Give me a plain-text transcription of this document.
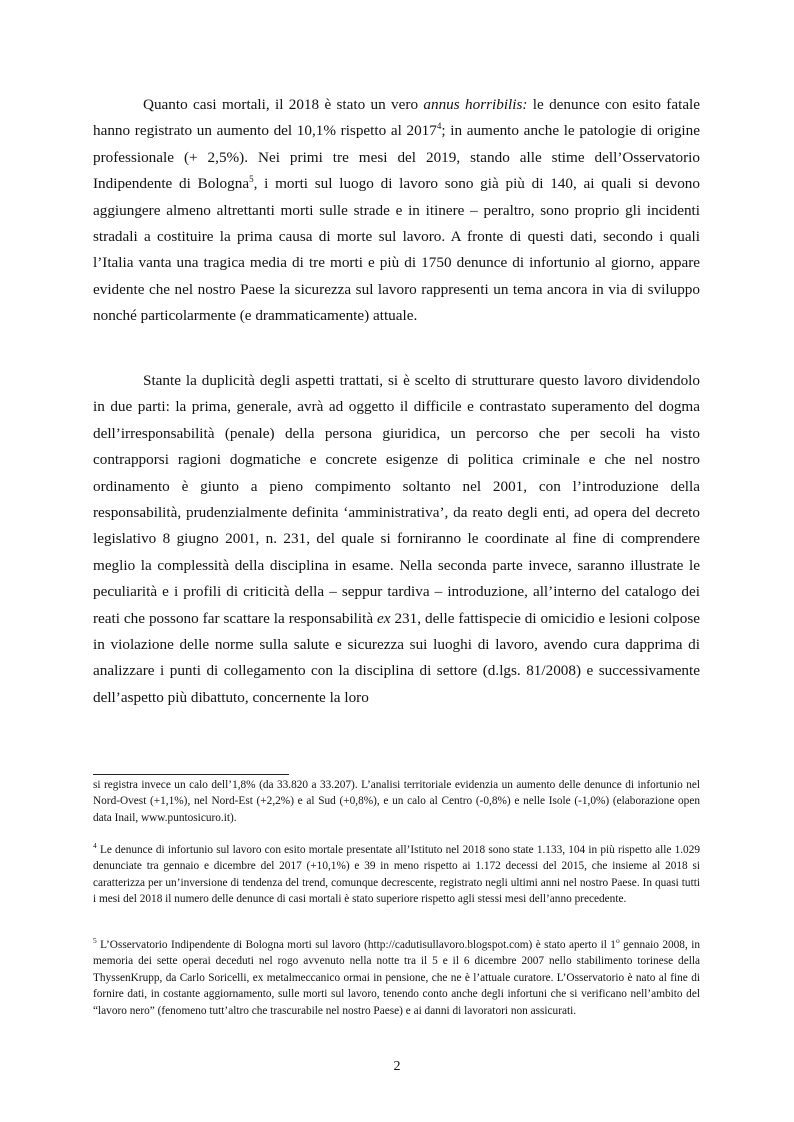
Quanto casi mortali, il 2018 è stato un vero annus horribilis: le denunce con esito fatale hanno registrato un aumento del 10,1% rispetto al 2017$^4$; in aumento anche le patologie di origine professionale (+ 2,5%). Nei primi tre mesi del 2019, stando alle stime dell’Osservatorio Indipendente di Bologna$^5$, i morti sul luogo di lavoro sono già più di 140, ai quali si devono aggiungere almeno altrettanti morti sulle strade e in itinere – peraltro, sono proprio gli incidenti stradali a costituire la prima causa di morte sul lavoro. A fronte di questi dati, secondo i quali l’Italia vanta una tragica media di tre morti e più di 1750 denunce di infortunio al giorno, appare evidente che nel nostro Paese la sicurezza sul lavoro rappresenti un tema ancora in via di sviluppo nonché particolarmente (e drammaticamente) attuale.

Stante la duplicità degli aspetti trattati, si è scelto di strutturare questo lavoro dividendolo in due parti: la prima, generale, avrà ad oggetto il difficile e contrastato superamento del dogma dell’irresponsabilità (penale) della persona giuridica, un percorso che per secoli ha visto contrapporsi ragioni dogmatiche e concrete esigenze di politica criminale e che nel nostro ordinamento è giunto a pieno compimento soltanto nel 2001, con l’introduzione della responsabilità, prudenzialmente definita ‘amministrativa’, da reato degli enti, ad opera del decreto legislativo 8 giugno 2001, n. 231, del quale si forniranno le coordinate al fine di comprendere meglio la complessità della disciplina in esame. Nella seconda parte invece, saranno illustrate le peculiarità e i profili di criticità della – seppur tardiva – introduzione, all’interno del catalogo dei reati che possono far scattare la responsabilità ex 231, delle fattispecie di omicidio e lesioni colpose in violazione delle norme sulla salute e sicurezza sui luoghi di lavoro, avendo cura dapprima di analizzare i punti di collegamento con la disciplina di settore (d.lgs. 81/2008) e successivamente dell’aspetto più dibattuto, concernente la loro

si registra invece un calo dell’1,8% (da 33.820 a 33.207). L’analisi territoriale evidenzia un aumento delle denunce di infortunio nel Nord-Ovest (+1,1%), nel Nord-Est (+2,2%) e al Sud (+0,8%), e un calo al Centro (-0,8%) e nelle Isole (-1,0%) (elaborazione open data Inail, www.puntosicuro.it).

$^4$ Le denunce di infortunio sul lavoro con esito mortale presentate all’Istituto nel 2018 sono state 1.133, 104 in più rispetto alle 1.029 denunciate tra gennaio e dicembre del 2017 (+10,1%) e 39 in meno rispetto ai 1.172 decessi del 2015, che insieme al 2018 si caratterizza per un’inversione di tendenza del trend, comunque decrescente, registrato negli ultimi anni nel nostro Paese. In quasi tutti i mesi del 2018 il numero delle denunce di casi mortali è stato superiore rispetto agli stessi mesi dell’anno precedente.

$^5$ L’Osservatorio Indipendente di Bologna morti sul lavoro (http://cadutisullavoro.blogspot.com) è stato aperto il 1$^o$ gennaio 2008, in memoria dei sette operai deceduti nel rogo avvenuto nella notte tra il 5 e il 6 dicembre 2007 nello stabilimento torinese della ThyssenKrupp, da Carlo Soricelli, ex metalmeccanico ormai in pensione, che ne è l’attuale curatore. L’Osservatorio è nato al fine di fornire dati, in costante aggiornamento, sulle morti sul lavoro, tenendo conto anche degli infortuni che si verificano nell’ambito del “lavoro nero” (fenomeno tutt’altro che trascurabile nel nostro Paese) e ai danni di lavoratori non assicurati.

2
